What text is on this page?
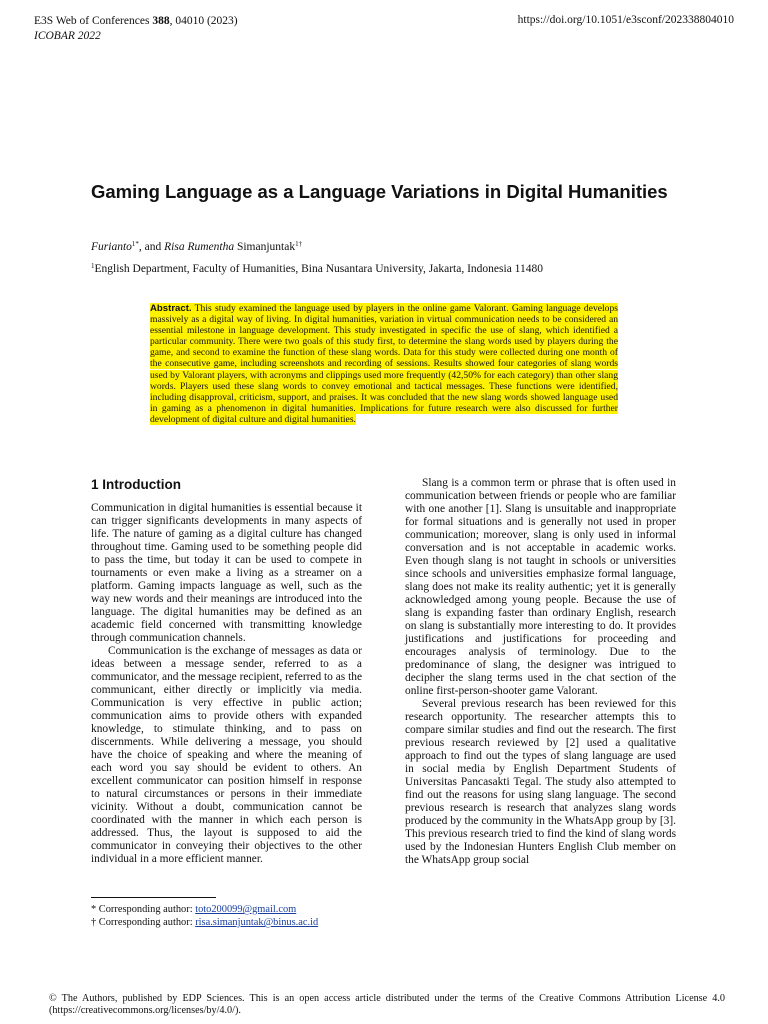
E3S Web of Conferences 388, 04010 (2023)
ICOBAR 2022
https://doi.org/10.1051/e3sconf/202338804010
Gaming Language as a Language Variations in Digital Humanities
Furianto$^{1*}$, and Risa Rumentha Simanjuntak$^{1\dagger}$
$^1$English Department, Faculty of Humanities, Bina Nusantara University, Jakarta, Indonesia 11480
Abstract. This study examined the language used by players in the online game Valorant. Gaming language develops massively as a digital way of living. In digital humanities, variation in virtual communication needs to be considered an essential milestone in language development. This study investigated in specific the use of slang, which identified a particular community. There were two goals of this study first, to determine the slang words used by players during the game, and second to examine the function of these slang words. Data for this study were collected during one month of the consecutive game, including screenshots and recording of sessions. Results showed four categories of slang words used by Valorant players, with acronyms and clippings used more frequently (42,50% for each category) than other slang words. Players used these slang words to convey emotional and tactical messages. These functions were identified, including disapproval, criticism, support, and praises. It was concluded that the new slang words showed language used in gaming as a phenomenon in digital humanities. Implications for future research were also discussed for further development of digital culture and digital humanities.
1 Introduction

Communication in digital humanities is essential because it can trigger significants developments in many aspects of life. The nature of gaming as a digital culture has changed throughout time. Gaming used to be something people did to pass the time, but today it can be used to compete in tournaments or even make a living as a streamer on a platform. Gaming impacts language as well, such as the way new words and their meanings are introduced into the language. The digital humanities may be defined as an academic field concerned with transmitting knowledge through communication channels.

Communication is the exchange of messages as data or ideas between a message sender, referred to as a communicator, and the message recipient, referred to as the communicant, either directly or implicitly via media. Communication is very effective in public action; communication aims to provide others with expanded knowledge, to stimulate thinking, and to pass on discernments. While delivering a message, you should have the choice of speaking and where the meaning of each word you say should be evident to others. An excellent communicator can position himself in response to natural circumstances or persons in their immediate vicinity. Without a doubt, communication cannot be coordinated with the manner in which each person is addressed. Thus, the layout is supposed to aid the communicator in conveying their objectives to the other individual in a more efficient manner.

Slang is a common term or phrase that is often used in communication between friends or people who are familiar with one another [1]. Slang is unsuitable and inappropriate for formal situations and is generally not used in proper communication; moreover, slang is only used in informal conversation and is not acceptable in academic works. Even though slang is not taught in schools or universities since schools and universities emphasize formal language, slang does not make its reality authentic; yet it is generally acknowledged among young people. Because the use of slang is expanding faster than ordinary English, research on slang is substantially more interesting to do. It provides justifications and justifications for proceeding and encourages analysis of terminology. Due to the predominance of slang, the designer was intrigued to decipher the slang terms used in the chat section of the online first-person-shooter game Valorant.

Several previous research has been reviewed for this research opportunity. The researcher attempts this to compare similar studies and find out the research. The first previous research reviewed by [2] used a qualitative approach to find out the types of slang language are used in social media by English Department Students of Universitas Pancasakti Tegal. The study also attempted to find out the reasons for using slang language. The second previous research is research that analyzes slang words produced by the community in the WhatsApp group by [3]. This previous research tried to find the kind of slang words used by the Indonesian Hunters English Club member on the WhatsApp group social

* Corresponding author: toto200099@gmail.com
† Corresponding author: risa.simanjuntak@binus.ac.id
© The Authors, published by EDP Sciences. This is an open access article distributed under the terms of the Creative Commons Attribution License 4.0 (https://creativecommons.org/licenses/by/4.0/).
